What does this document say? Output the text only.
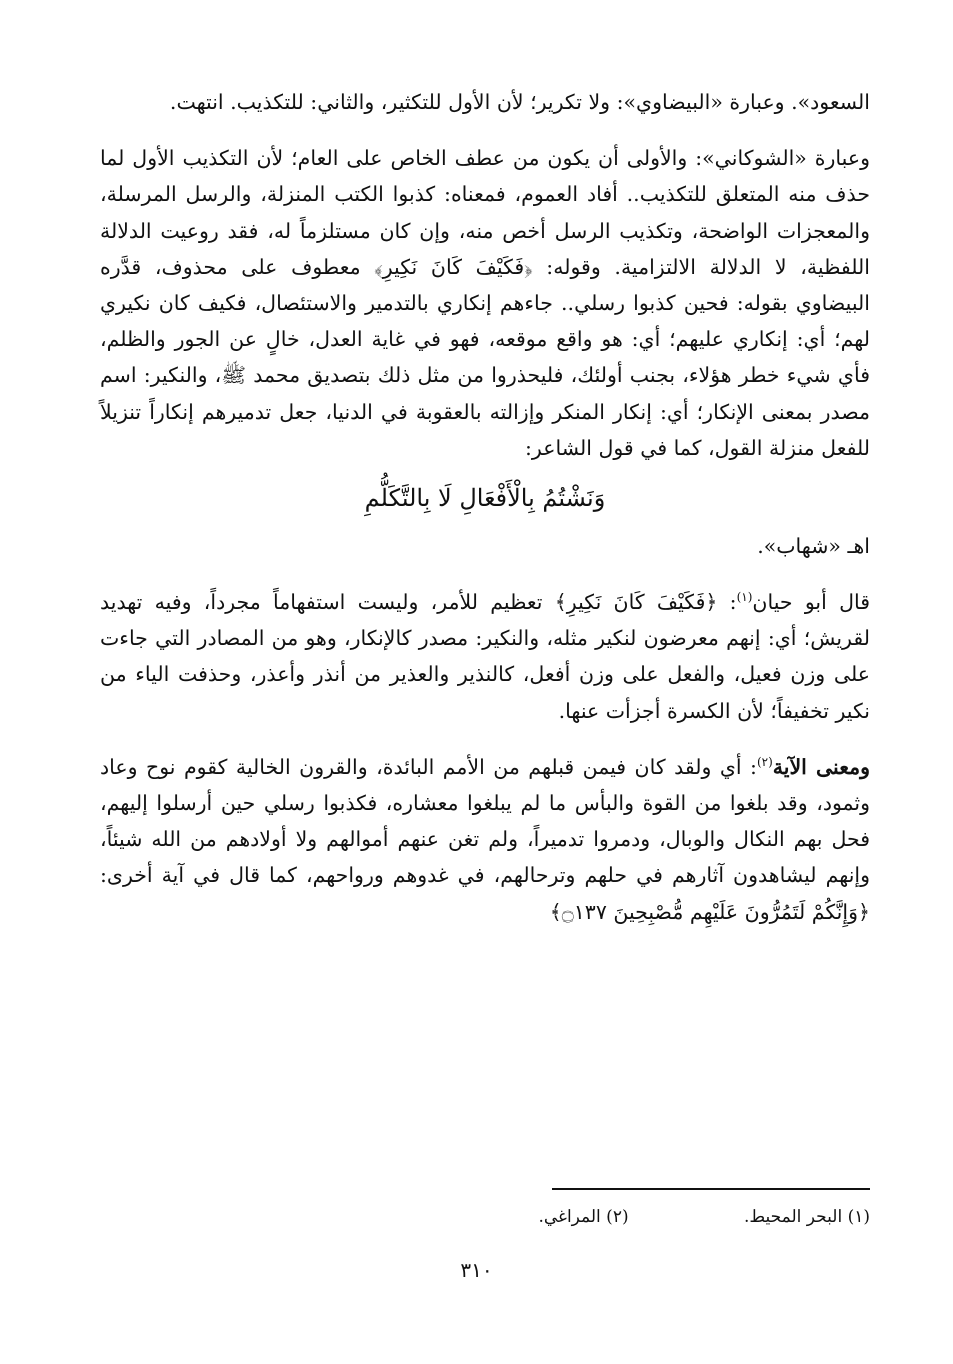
السعود». وعبارة «البيضاوي»: ولا تكرير؛ لأن الأول للتكثير، والثاني: للتكذيب. انتهت.

وعبارة «الشوكاني»: والأولى أن يكون من عطف الخاص على العام؛ لأن التكذيب الأول لما حذف منه المتعلق للتكذيب.. أفاد العموم، فمعناه: كذبوا الكتب المنزلة، والرسل المرسلة، والمعجزات الواضحة، وتكذيب الرسل أخص منه، وإن كان مستلزماً له، فقد روعيت الدلالة اللفظية، لا الدلالة الالتزامية. وقوله: ﴿فَكَيْفَ كَانَ نَكِيرِ﴾ معطوف على محذوف، قدَّره البيضاوي بقوله: فحين كذبوا رسلي.. جاءهم إنكاري بالتدمير والاستئصال، فكيف كان نكيري لهم؛ أي: إنكاري عليهم؛ أي: هو واقع موقعه، فهو في غاية العدل، خالٍ عن الجور والظلم، فأي شيء خطر هؤلاء، بجنب أولئك، فليحذروا من مثل ذلك بتصديق محمد ﷺ، والنكير: اسم مصدر بمعنى الإنكار؛ أي: إنكار المنكر وإزالته بالعقوبة في الدنيا، جعل تدميرهم إنكاراً تنزيلاً للفعل منزلة القول، كما في قول الشاعر:

وَنَشْتُمُ بِالْأَفْعَالِ لَا بِالتَّكَلُّمِ
اهـ «شهاب».

قال أبو حيان$^{(١)}$: ﴿فَكَيْفَ كَانَ نَكِيرِ﴾ تعظيم للأمر، وليست استفهاماً مجرداً، وفيه تهديد لقريش؛ أي: إنهم معرضون لنكير مثله، والنكير: مصدر كالإنكار، وهو من المصادر التي جاءت على وزن فعيل، والفعل على وزن أفعل، كالنذير والعذير من أنذر وأعذر، وحذفت الياء من نكير تخفيفاً؛ لأن الكسرة أجزأت عنها.

ومعنى الآية$^{(٢)}$: أي ولقد كان فيمن قبلهم من الأمم البائدة، والقرون الخالية كقوم نوح وعاد وثمود، وقد بلغوا من القوة والبأس ما لم يبلغوا معشاره، فكذبوا رسلي حين أرسلوا إليهم، فحل بهم النكال والوبال، ودمروا تدميراً، ولم تغن عنهم أموالهم ولا أولادهم من الله شيئاً، وإنهم ليشاهدون آثارهم في حلهم وترحالهم، في غدوهم ورواحهم، كما قال في آية أخرى: ﴿وَإِنَّكُمْ لَتَمُرُّونَ عَلَيْهِم مُّصْبِحِينَ ۝١٣٧﴾

(١) البحر المحيط. (٢) المراغي.
٣١٠
